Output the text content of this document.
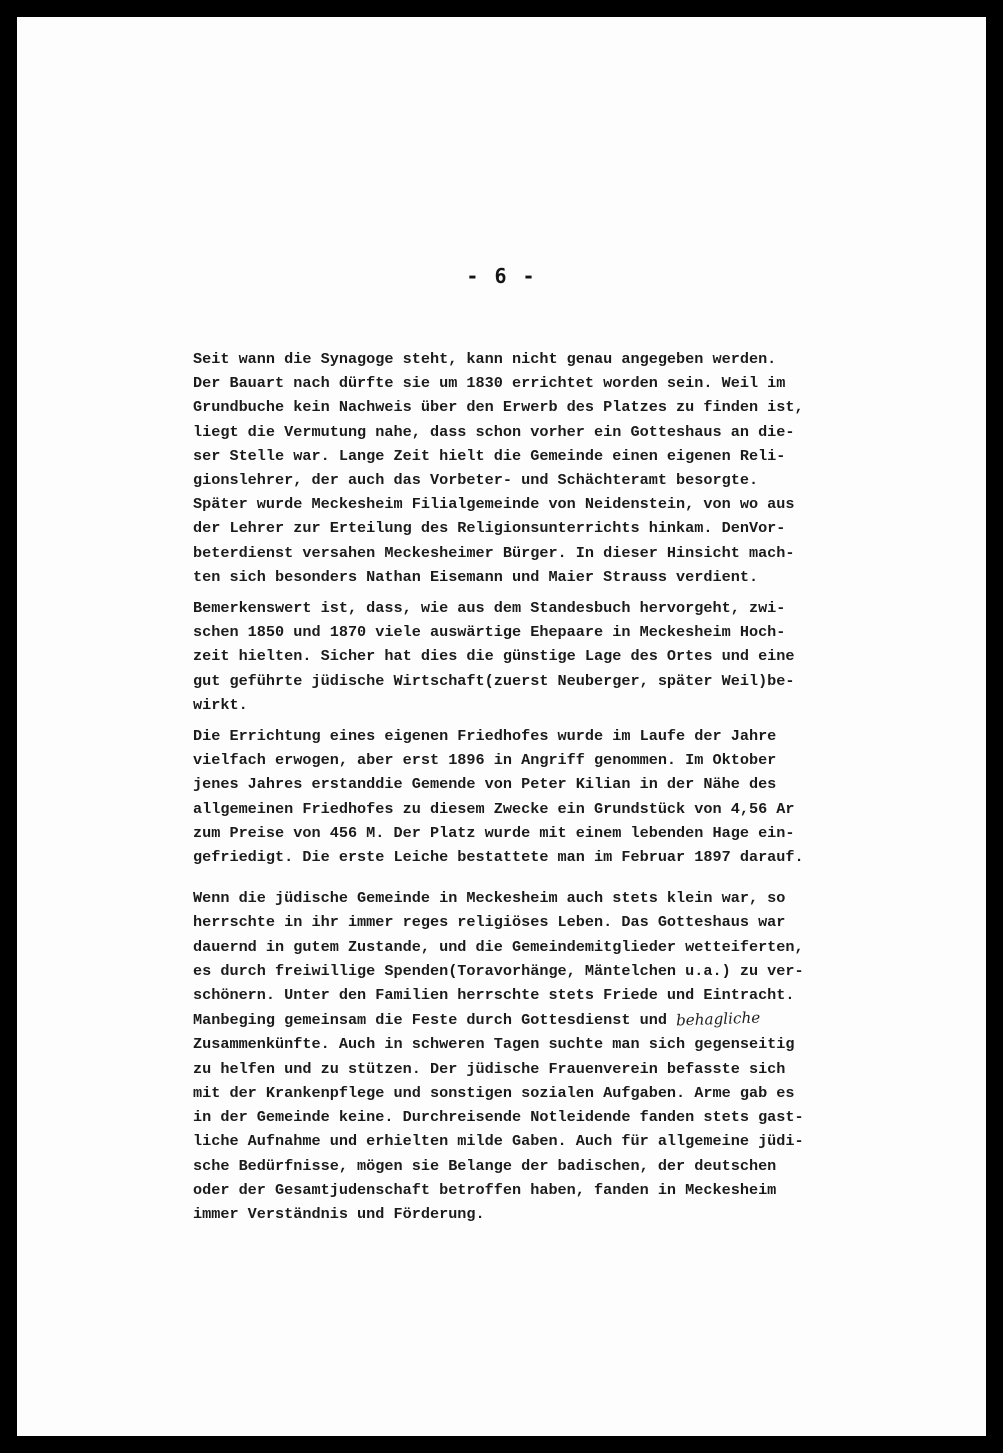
- 6 -

Seit wann die Synagoge steht, kann nicht genau angegeben werden.
Der Bauart nach dürfte sie um 1830 errichtet worden sein. Weil im
Grundbuche kein Nachweis über den Erwerb des Platzes zu finden ist,
liegt die Vermutung nahe, dass schon vorher ein Gotteshaus an die-
ser Stelle war. Lange Zeit hielt die Gemeinde einen eigenen Reli-
gionslehrer, der auch das Vorbeter- und Schächteramt besorgte.
Später wurde Meckesheim Filialgemeinde von Neidenstein, von wo aus
der Lehrer zur Erteilung des Religionsunterrichts hinkam. DenVor-
beterdienst versahen Meckesheimer Bürger. In dieser Hinsicht mach-
ten sich besonders Nathan Eisemann und Maier Strauss verdient.

Bemerkenswert ist, dass, wie aus dem Standesbuch hervorgeht, zwi-
schen 1850 und 1870 viele auswärtige Ehepaare in Meckesheim Hoch-
zeit hielten. Sicher hat dies die günstige Lage des Ortes und eine
gut geführte jüdische Wirtschaft(zuerst Neuberger, später Weil)be-
wirkt.

Die Errichtung eines eigenen Friedhofes wurde im Laufe der Jahre
vielfach erwogen, aber erst 1896 in Angriff genommen. Im Oktober
jenes Jahres erstanddie Gemende von Peter Kilian in der Nähe des
allgemeinen Friedhofes zu diesem Zwecke ein Grundstück von 4,56 Ar
zum Preise von 456 M. Der Platz wurde mit einem lebenden Hage ein-
gefriedigt. Die erste Leiche bestattete man im Februar 1897 darauf.

Wenn die jüdische Gemeinde in Meckesheim auch stets klein war, so
herrschte in ihr immer reges religiöses Leben. Das Gotteshaus war
dauernd in gutem Zustande, und die Gemeindemitglieder wetteiferten,
es durch freiwillige Spenden(Toravorhänge, Mäntelchen u.a.) zu ver-
schönern. Unter den Familien herrschte stets Friede und Eintracht.
Manbeging gemeinsam die Feste durch Gottesdienst und behagliche
Zusammenkünfte. Auch in schweren Tagen suchte man sich gegenseitig
zu helfen und zu stützen. Der jüdische Frauenverein befasste sich
mit der Krankenpflege und sonstigen sozialen Aufgaben. Arme gab es
in der Gemeinde keine. Durchreisende Notleidende fanden stets gast-
liche Aufnahme und erhielten milde Gaben. Auch für allgemeine jüdi-
sche Bedürfnisse, mögen sie Belange der badischen, der deutschen
oder der Gesamtjudenschaft betroffen haben, fanden in Meckesheim
immer Verständnis und Förderung.
